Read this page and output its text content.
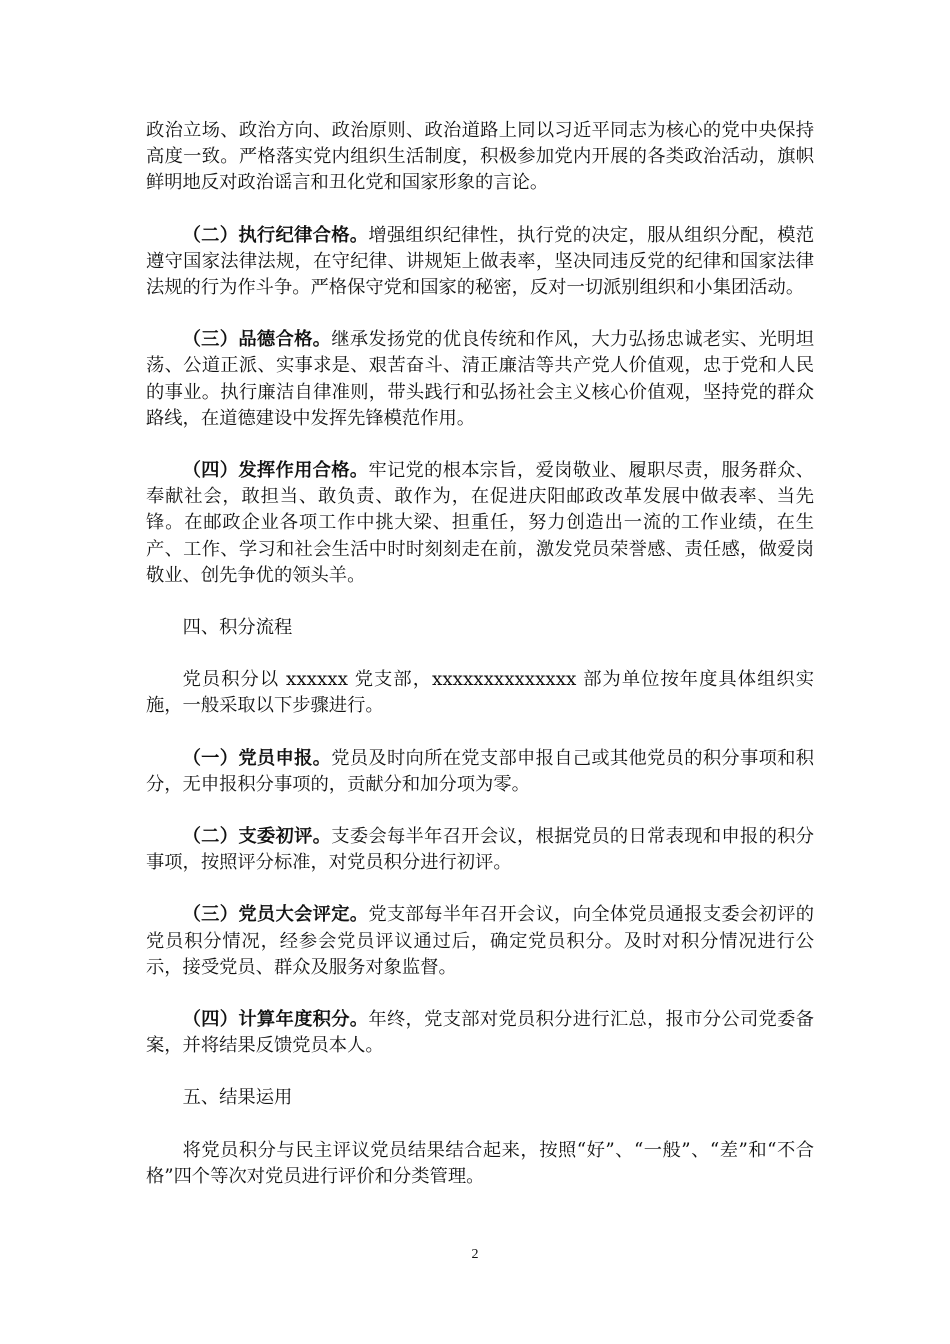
政治立场、政治方向、政治原则、政治道路上同以习近平同志为核心的党中央保持高度一致。严格落实党内组织生活制度，积极参加党内开展的各类政治活动，旗帜鲜明地反对政治谣言和丑化党和国家形象的言论。

（二）执行纪律合格。增强组织纪律性，执行党的决定，服从组织分配，模范遵守国家法律法规，在守纪律、讲规矩上做表率，坚决同违反党的纪律和国家法律法规的行为作斗争。严格保守党和国家的秘密，反对一切派别组织和小集团活动。

（三）品德合格。继承发扬党的优良传统和作风，大力弘扬忠诚老实、光明坦荡、公道正派、实事求是、艰苦奋斗、清正廉洁等共产党人价值观，忠于党和人民的事业。执行廉洁自律准则，带头践行和弘扬社会主义核心价值观，坚持党的群众路线，在道德建设中发挥先锋模范作用。

（四）发挥作用合格。牢记党的根本宗旨，爱岗敬业、履职尽责，服务群众、奉献社会，敢担当、敢负责、敢作为，在促进庆阳邮政改革发展中做表率、当先锋。在邮政企业各项工作中挑大梁、担重任，努力创造出一流的工作业绩，在生产、工作、学习和社会生活中时时刻刻走在前，激发党员荣誉感、责任感，做爱岗敬业、创先争优的领头羊。

四、积分流程

党员积分以 xxxxxx 党支部，xxxxxxxxxxxxxx 部为单位按年度具体组织实施，一般采取以下步骤进行。

（一）党员申报。党员及时向所在党支部申报自己或其他党员的积分事项和积分，无申报积分事项的，贡献分和加分项为零。

（二）支委初评。支委会每半年召开会议，根据党员的日常表现和申报的积分事项，按照评分标准，对党员积分进行初评。

（三）党员大会评定。党支部每半年召开会议，向全体党员通报支委会初评的党员积分情况，经参会党员评议通过后，确定党员积分。及时对积分情况进行公示，接受党员、群众及服务对象监督。

（四）计算年度积分。年终，党支部对党员积分进行汇总，报市分公司党委备案，并将结果反馈党员本人。

五、结果运用

将党员积分与民主评议党员结果结合起来，按照“好”、“一般”、“差”和“不合格”四个等次对党员进行评价和分类管理。

2
